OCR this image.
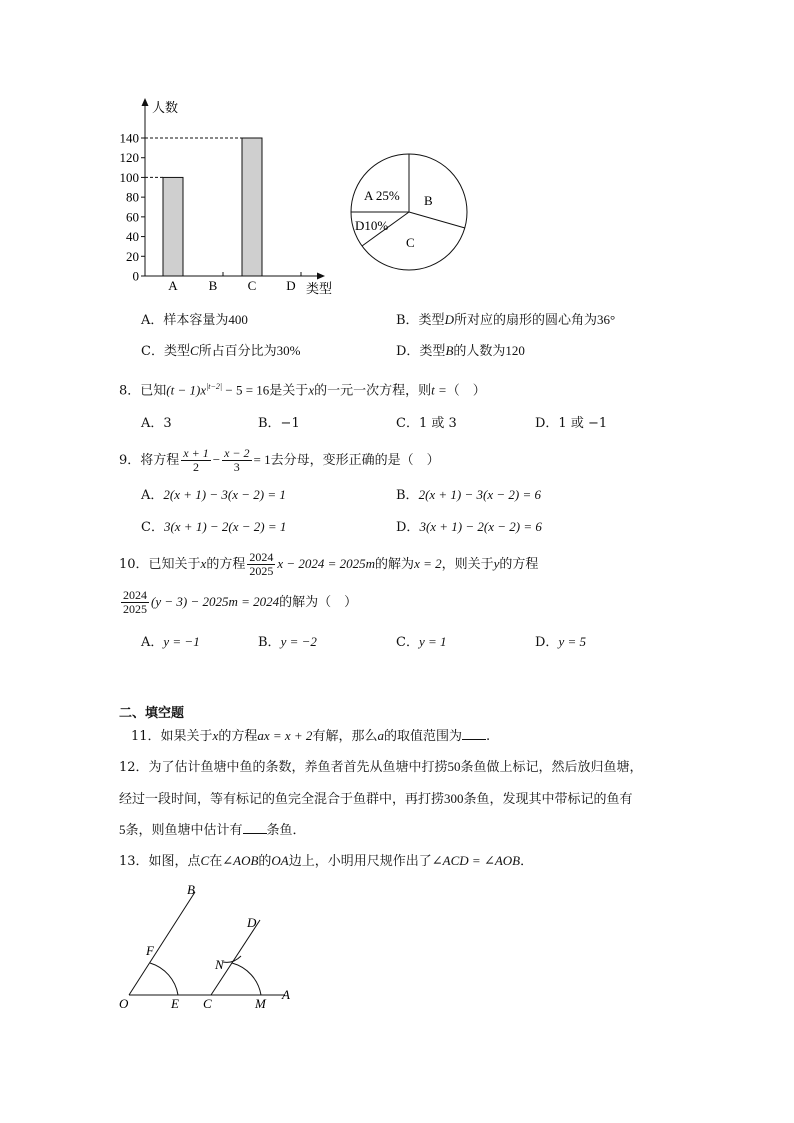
人数
类型
0
20
40
60
80
100
120
140
A B C D
A 25% B
C
D10%
A．样本容量为400	B．类型D所对应的扇形的圆心角为36°
C．类型C所占百分比为30%	D．类型B的人数为120
8．已知$(t - 1)x^{|t-2|} - 5 = 16$是关于x的一元一次方程，则t =（　）
A．3	B．−1	C．1 或 3	D．1 或 −1
9．将方程 $\frac{x + 1}{2} - \frac{x - 2}{3} = 1$去分母，变形正确的是（　）
A．2(x + 1) − 3(x − 2) = 1	B．2(x + 1) − 3(x − 2) = 6
C．3(x + 1) − 2(x − 2) = 1	D．3(x + 1) − 2(x − 2) = 6
10．已知关于x的方程 $\frac{2024}{2025}$ x − 2024 = 2025m的解为x = 2，则关于y的方程
$\frac{2024}{2025} (y - 3) - 2025m = 2024$的解为（　）
A．y = −1	B．y = −2	C．y = 1	D．y = 5
二、填空题
11．如果关于x的方程ax = x + 2有解，那么a的取值范围为 .
12．为了估计鱼塘中鱼的条数，养鱼者首先从鱼塘中打捞50条鱼做上标记，然后放归鱼塘，
经过一段时间，等有标记的鱼完全混合于鱼群中，再打捞300条鱼，发现其中带标记的鱼有
5条，则鱼塘中估计有 条鱼．
13．如图，点C在∠AOB的OA边上，小明用尺规作出了∠ACD = ∠AOB．
O	E C	M
A
B
F
N
D
